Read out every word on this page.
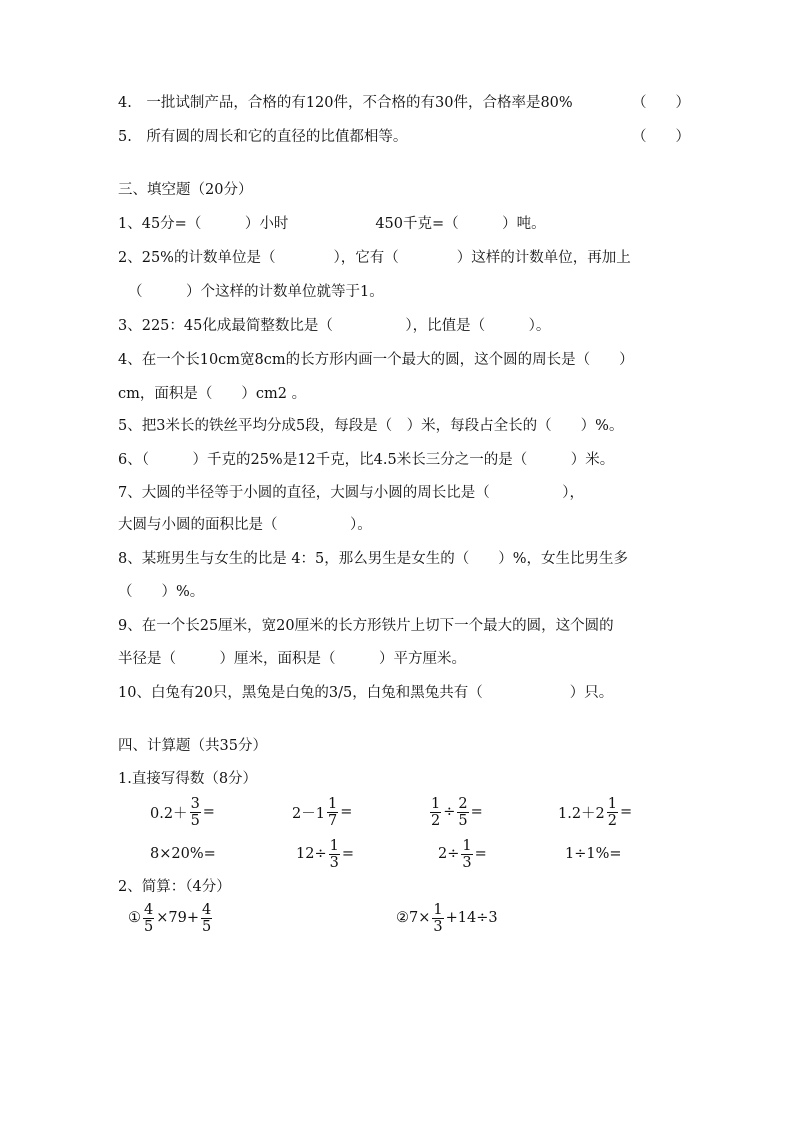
4.　一批试制产品，合格的有120件，不合格的有30件，合格率是80%	（　　）
5.　所有圆的周长和它的直径的比值都相等。	（　　）
三、填空题（20分）
1、45分=（　　　）小时　　　　　　450千克=（　　　）吨。
2、25%的计数单位是（　　　　），它有（　　　　）这样的计数单位，再加上
（　　　）个这样的计数单位就等于1。
3、225：45化成最简整数比是（　　　　　），比值是（　　　）。
4、在一个长10cm宽8cm的长方形内画一个最大的圆，这个圆的周长是（　　）
cm，面积是（　　）cm2 。
5、把3米长的铁丝平均分成5段，每段是（　）米，每段占全长的（　　）%。
6、（　　　）千克的25%是12千克，比4.5米长三分之一的是（　　　）米。
7、大圆的半径等于小圆的直径，大圆与小圆的周长比是（　　　　　），
大圆与小圆的面积比是（　　　　　）。
8、某班男生与女生的比是 4：5，那么男生是女生的（　　）%，女生比男生多
（　　）%。
9、在一个长25厘米，宽20厘米的长方形铁片上切下一个最大的圆，这个圆的
半径是（　　　）厘米，面积是（　　　）平方厘米。
10、白兔有20只，黑兔是白兔的3/5，白兔和黑兔共有（　　　　　　）只。
四、计算题（共35分）
1.直接写得数（8分）
$0.2+ \frac{3}{5}$ =	$2-1 \frac{1}{7}$ =	$\frac{1}{2} \div \frac{2}{5}$ =	$1.2+2 \frac{1}{2}$ =
8×20%=	$12\div \frac{1}{3}$ =	$2\div \frac{1}{3}$ =	1÷1%=
2、简算：（4分）
① $\frac{4}{5} \times 79+ \frac{4}{5}$	②7× $\frac{1}{3} +14\div 3$
